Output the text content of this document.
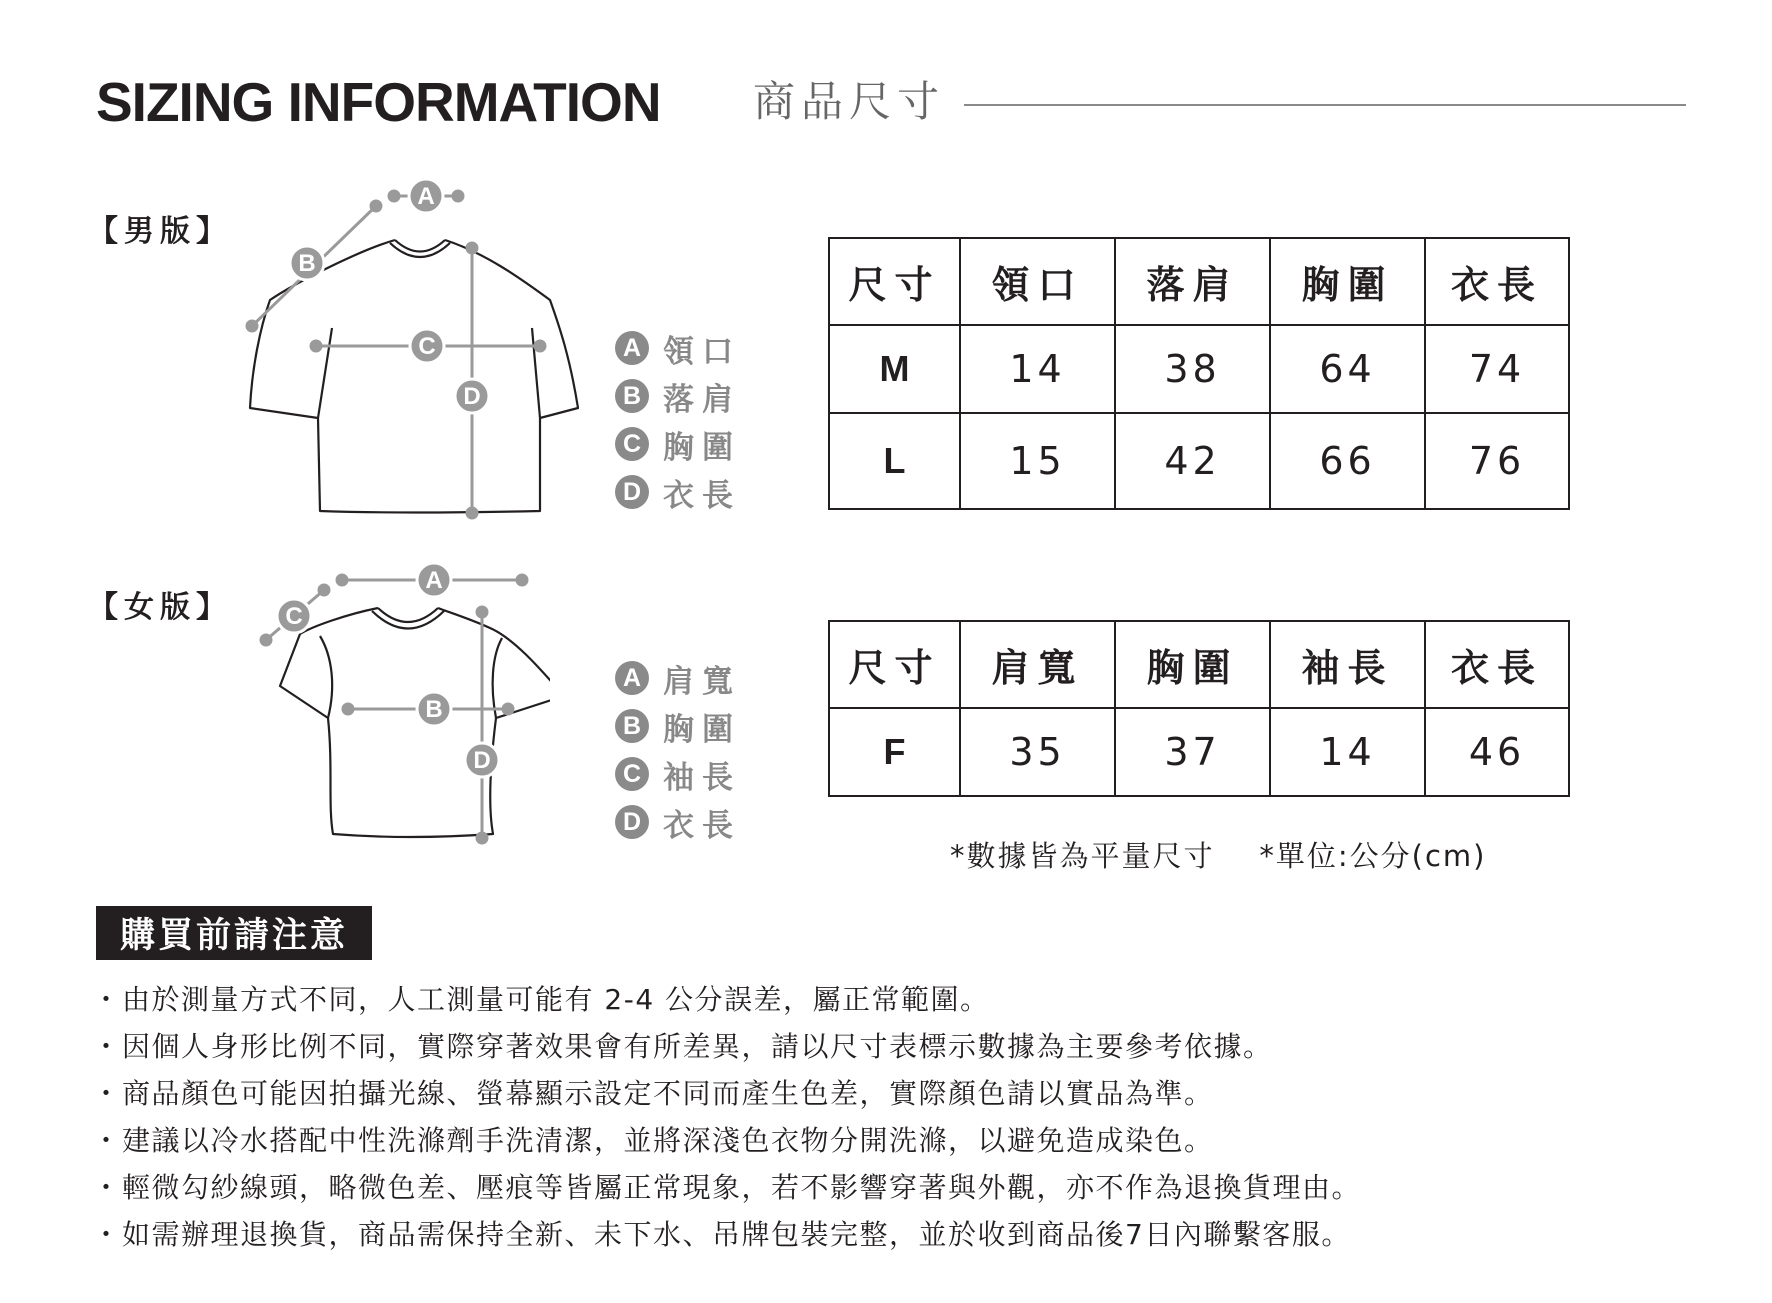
SIZING INFORMATION 商品尺寸
【男版】
A
B
C
D
A 領口
B 落肩
C 胸圍
D 衣長
尺寸	領口	落肩	胸圍	衣長
M	14	38	64	74
L	15	42	66	76
【女版】
A
C
B
D
A 肩寬
B 胸圍
C 袖長
D 衣長
尺寸	肩寬	胸圍	袖長	衣長
F	35	37	14	46
*數據皆為平量尺寸    *單位:公分(cm)
購買前請注意
・由於測量方式不同，人工測量可能有 2-4 公分誤差，屬正常範圍。
・因個人身形比例不同，實際穿著效果會有所差異，請以尺寸表標示數據為主要參考依據。
・商品顏色可能因拍攝光線、螢幕顯示設定不同而產生色差，實際顏色請以實品為準。
・建議以冷水搭配中性洗滌劑手洗清潔，並將深淺色衣物分開洗滌，以避免造成染色。
・輕微勾紗線頭，略微色差、壓痕等皆屬正常現象，若不影響穿著與外觀，亦不作為退換貨理由。
・如需辦理退換貨，商品需保持全新、未下水、吊牌包裝完整，並於收到商品後7日內聯繫客服。
